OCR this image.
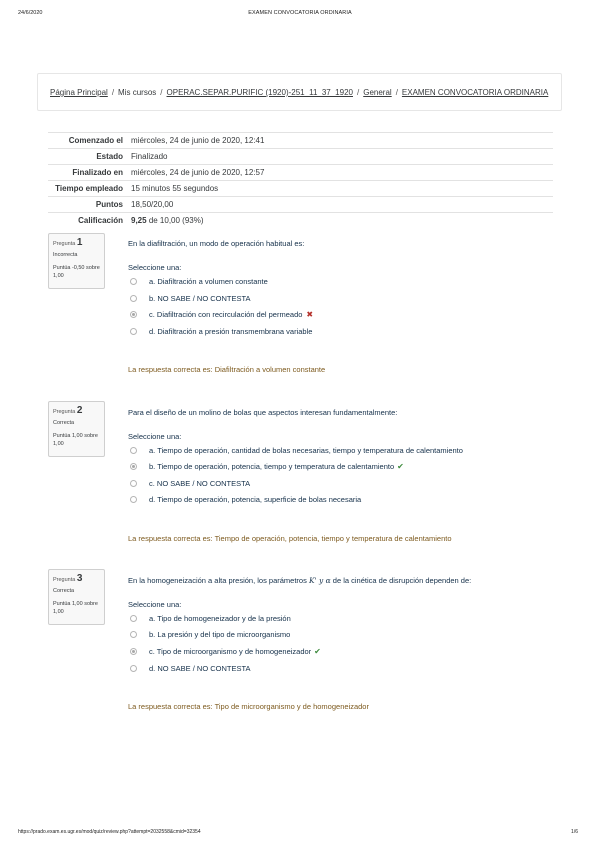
24/6/2020	EXAMEN CONVOCATORIA ORDINARIA
Página Principal / Mis cursos / OPERAC.SEPAR.PURIFIC (1920)-251_11_37_1920 / General / EXAMEN CONVOCATORIA ORDINARIA
Comenzado el	miércoles, 24 de junio de 2020, 12:41
Estado	Finalizado
Finalizado en	miércoles, 24 de junio de 2020, 12:57
Tiempo empleado	15 minutos 55 segundos
Puntos	18,50/20,00
Calificación	9,25 de 10,00 (93%)
Pregunta 1
Incorrecta
Puntúa -0,50 sobre 1,00
En la diafiltración, un modo de operación habitual es:
Seleccione una:
a. Diafiltración a volumen constante
b. NO SABE / NO CONTESTA
c. Diafiltración con recirculación del permeado ✖
d. Diafiltración a presión transmembrana variable
La respuesta correcta es: Diafiltración a volumen constante
Pregunta 2
Correcta
Puntúa 1,00 sobre 1,00
Para el diseño de un molino de bolas que aspectos interesan fundamentalmente:
Seleccione una:
a. Tiempo de operación, cantidad de bolas necesarias, tiempo y temperatura de calentamiento
b. Tiempo de operación, potencia, tiempo y temperatura de calentamiento ✔
c. NO SABE / NO CONTESTA
d. Tiempo de operación, potencia, superficie de bolas necesaria
La respuesta correcta es: Tiempo de operación, potencia, tiempo y temperatura de calentamiento
Pregunta 3
Correcta
Puntúa 1,00 sobre 1,00
En la homogeneización a alta presión, los parámetros K' y α de la cinética de disrupción dependen de:
Seleccione una:
a. Tipo de homogeneizador y de la presión
b. La presión y del tipo de microorganismo
c. Tipo de microorganismo y de homogeneizador ✔
d. NO SABE / NO CONTESTA
La respuesta correcta es: Tipo de microorganismo y de homogeneizador
https://prado.exam.es.ugr.es/mod/quiz/review.php?attempt=2032558&cmid=32354	1/6
